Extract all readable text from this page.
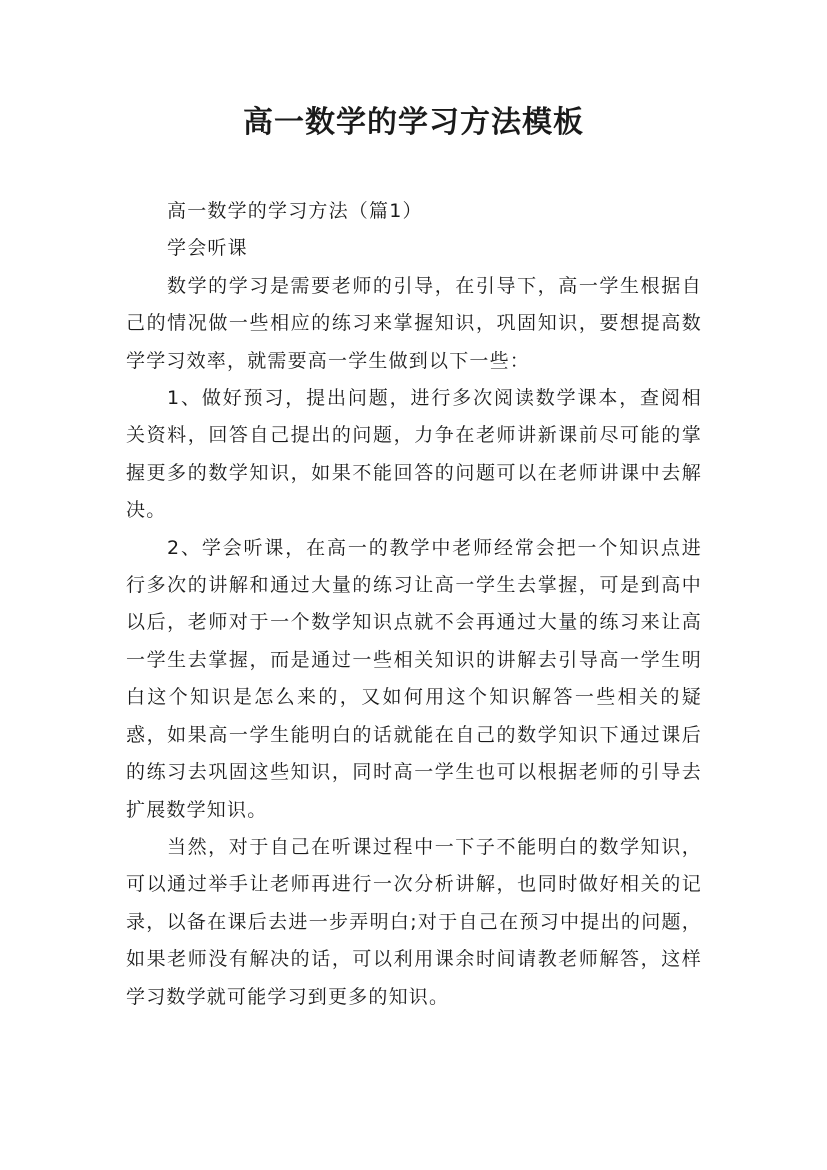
高一数学的学习方法模板

高一数学的学习方法（篇1）

学会听课

数学的学习是需要老师的引导，在引导下，高一学生根据自己的情况做一些相应的练习来掌握知识，巩固知识，要想提高数学学习效率，就需要高一学生做到以下一些：

1、做好预习，提出问题，进行多次阅读数学课本，查阅相关资料，回答自己提出的问题，力争在老师讲新课前尽可能的掌握更多的数学知识，如果不能回答的问题可以在老师讲课中去解决。

2、学会听课，在高一的教学中老师经常会把一个知识点进行多次的讲解和通过大量的练习让高一学生去掌握，可是到高中以后，老师对于一个数学知识点就不会再通过大量的练习来让高一学生去掌握，而是通过一些相关知识的讲解去引导高一学生明白这个知识是怎么来的，又如何用这个知识解答一些相关的疑惑，如果高一学生能明白的话就能在自己的数学知识下通过课后的练习去巩固这些知识，同时高一学生也可以根据老师的引导去扩展数学知识。

当然，对于自己在听课过程中一下子不能明白的数学知识，可以通过举手让老师再进行一次分析讲解，也同时做好相关的记录，以备在课后去进一步弄明白;对于自己在预习中提出的问题，如果老师没有解决的话，可以利用课余时间请教老师解答，这样学习数学就可能学习到更多的知识。
